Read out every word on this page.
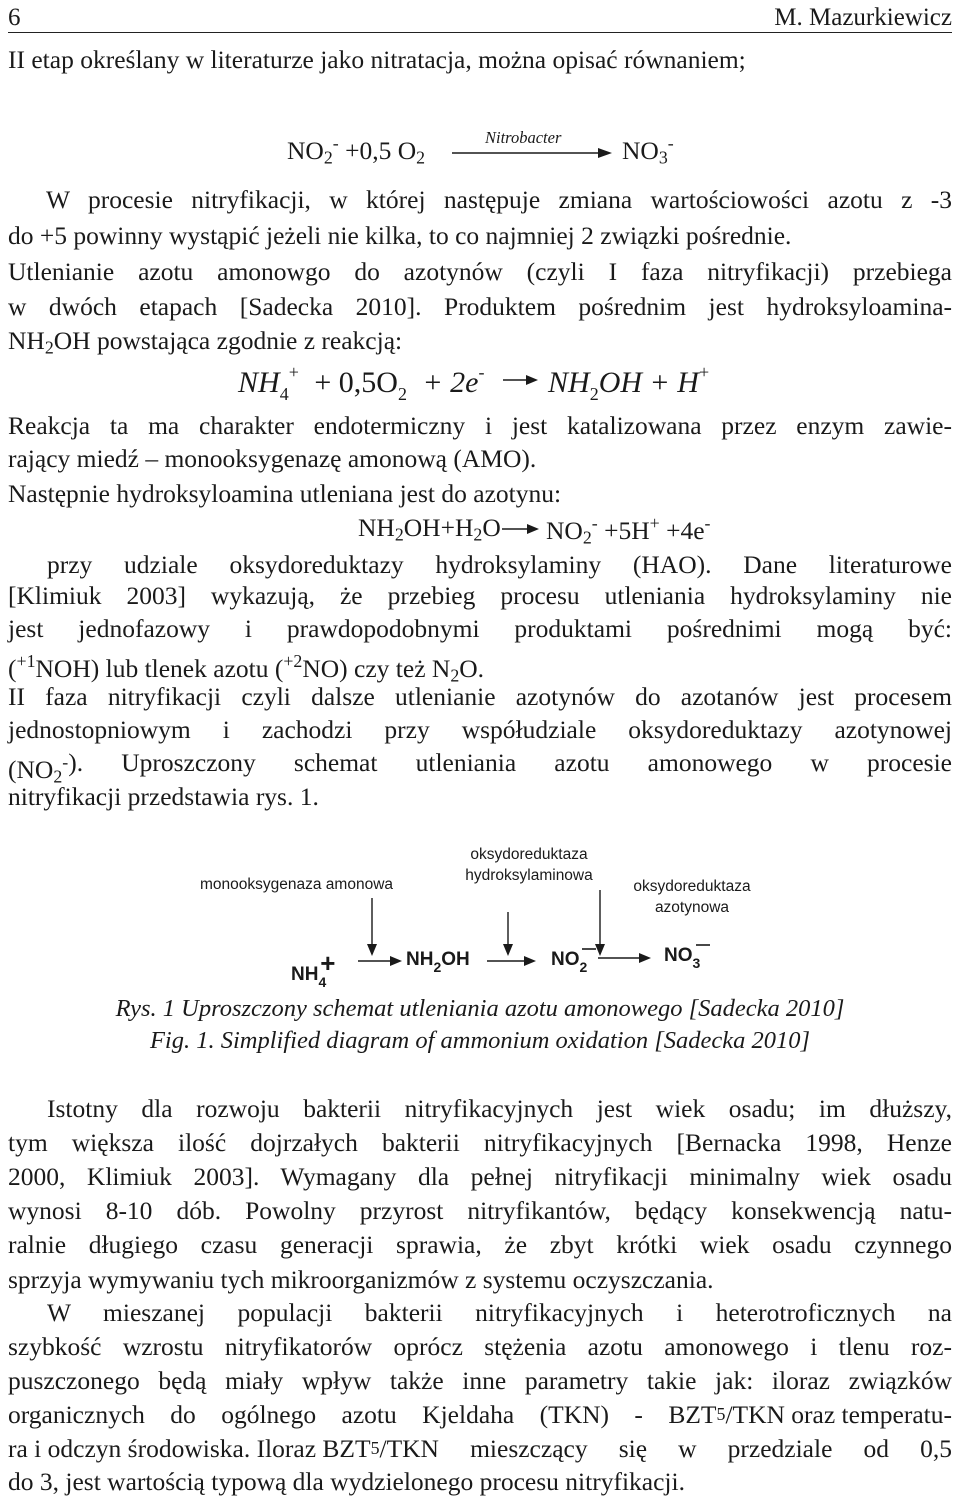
6	M. Mazurkiewicz
II etap określany w literaturze jako nitratacja, można opisać równaniem;
$NO_2^- +0,5$ $O_2$
Nitrobacter $NO_3^-$
W procesie nitryfikacji, w której następuje zmiana wartościowości azotu z -3
do +5 powinny wystąpić jeżeli nie kilka, to co najmniej 2 związki pośrednie.
Utlenianie azotu amonowgo do azotynów (czyli I faza nitryfikacji) przebiega
w dwóch etapach [Sadecka 2010]. Produktem pośrednim jest hydroksyloamina-
$NH_2OH$ powstająca zgodnie z reakcją:
$NH_4^+ + 0,5O_2 + 2e^- \to NH_2OH + H^+$
Reakcja ta ma charakter endotermiczny i jest katalizowana przez enzym zawie-
rający miedź – monooksygenazę amonową (AMO).
Następnie hydroksyloamina utleniana jest do azotynu:
$NH_2OH+H_2O \to NO_2^- +5H^+ +4e^-$
przy udziale oksydoreduktazy hydroksylaminy (HAO). Dane literaturowe
[Klimiuk 2003] wykazują, że przebieg procesu utleniania hydroksylaminy nie
jest jednofazowy i prawdopodobnymi produktami pośrednimi mogą być:
($^{+1}$NOH) lub tlenek azotu ($^{+2}$NO) czy też $N_2O$.
II faza nitryfikacji czyli dalsze utlenianie azotynów do azotanów jest procesem
jednostopniowym i zachodzi przy współudziale oksydoreduktazy azotynowej
($NO_2^-$ ). Uproszczony schemat utleniania azotu amonowego w procesie
nitryfikacji przedstawia rys. 1.
monooksygenaza amonowa
oksydoreduktaza
hydroksylaminowa
oksydoreduktaza
azotynowa
$NH_4+$	$NH_2OH$	$NO_2$
$NO_3$
Rys. 1 Uproszczony schemat utleniania azotu amonowego [Sadecka 2010]
Fig. 1. Simplified diagram of ammonium oxidation [Sadecka 2010]
Istotny dla rozwoju bakterii nitryfikacyjnych jest wiek osadu; im dłuższy,
tym większa ilość dojrzałych bakterii nitryfikacyjnych [Bernacka 1998, Henze
2000, Klimiuk 2003]. Wymagany dla pełnej nitryfikacji minimalny wiek osadu
wynosi 8-10 dób. Powolny przyrost nitryfikantów, będący konsekwencją natu-
ralnie długiego czasu generacji sprawia, że zbyt krótki wiek osadu czynnego
sprzyja wymywaniu tych mikroorganizmów z systemu oczyszczania.
W mieszanej populacji bakterii nitryfikacyjnych i heterotroficznych na
szybkość wzrostu nitryfikatorów oprócz stężenia azotu amonowego i tlenu roz-
puszczonego będą miały wpływ także inne parametry takie jak: iloraz związków
organicznych do ogólnego azotu Kjeldaha (TKN) - BZT 5 /TKN oraz temperatu-
ra i odczyn środowiska. Iloraz BZT 5 /TKN mieszczący się w przedziale od 0,5
do 3, jest wartością typową dla wydzielonego procesu nitryfikacji.
